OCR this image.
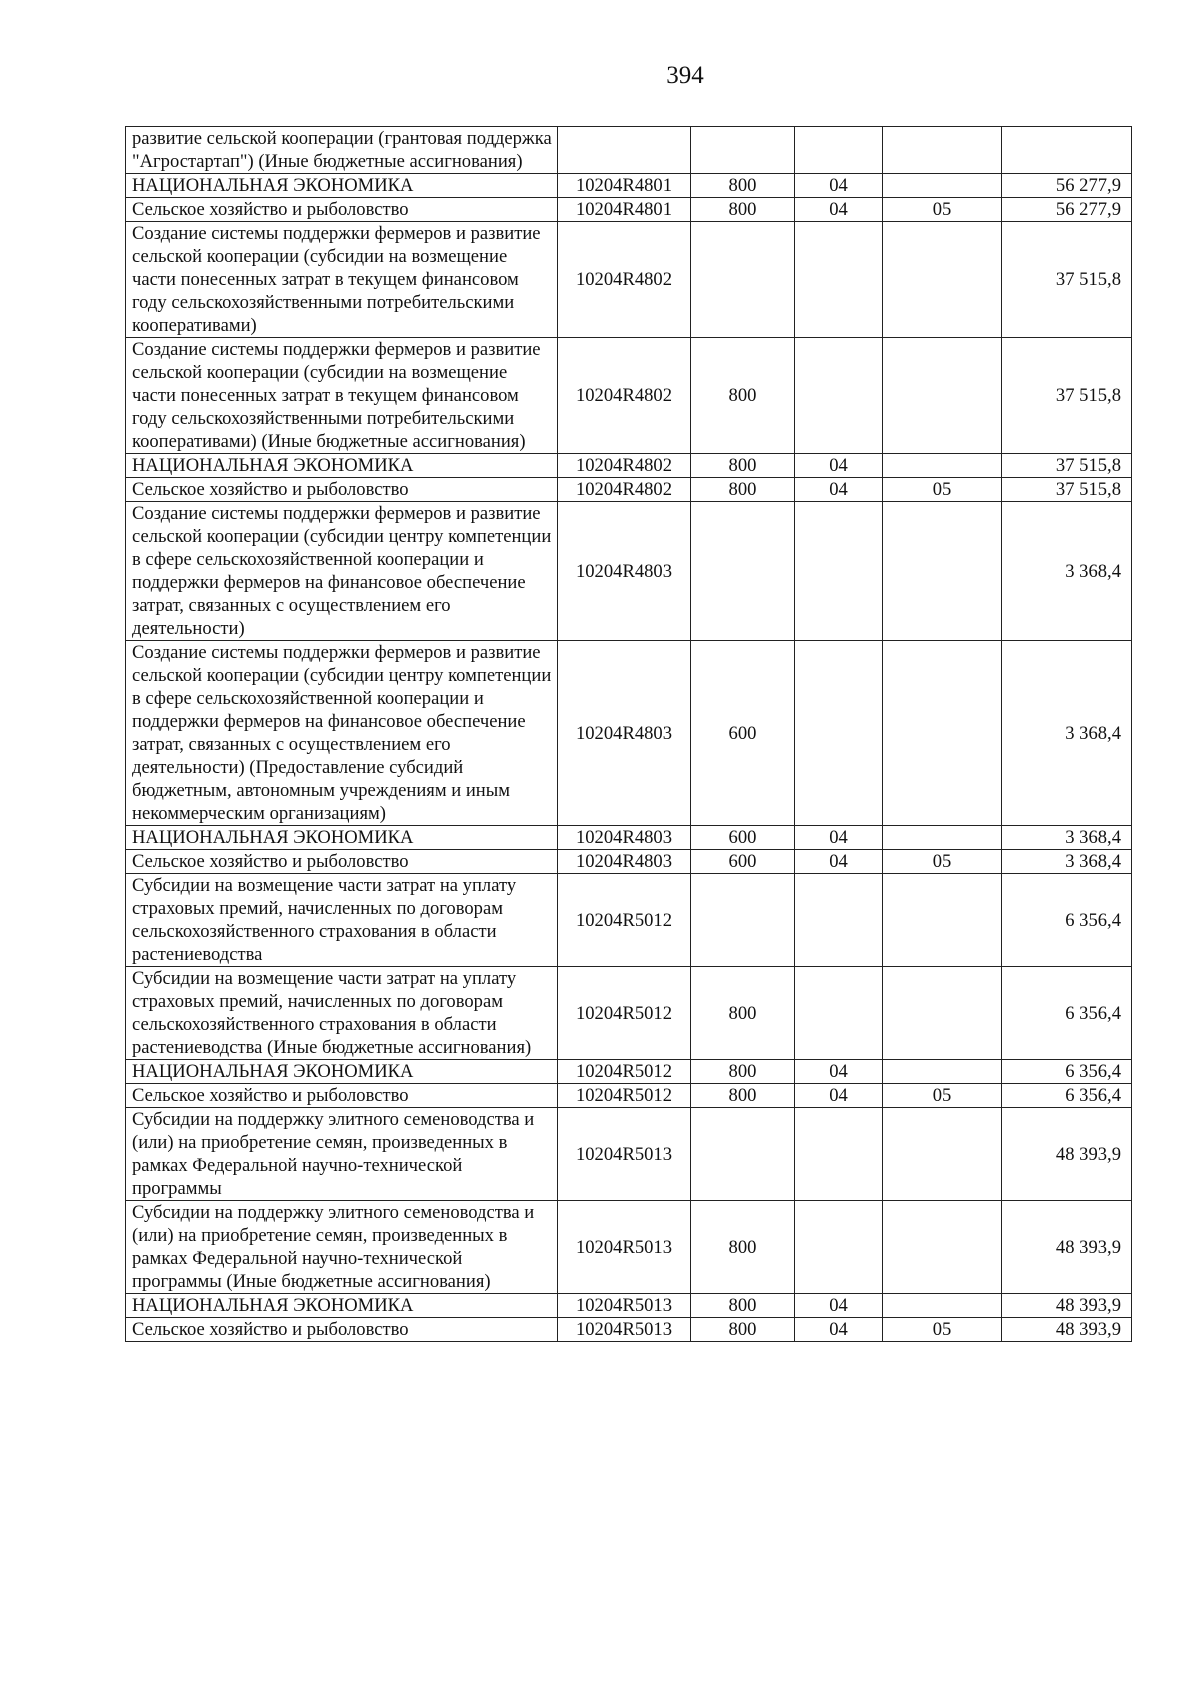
394
развитие сельской кооперации (грантовая поддержка "Агростартап") (Иные бюджетные ассигнования)					
НАЦИОНАЛЬНАЯ ЭКОНОМИКА	10204R4801	800	04		56 277,9
Сельское хозяйство и рыболовство	10204R4801	800	04	05	56 277,9
Создание системы поддержки фермеров и развитие сельской кооперации (субсидии на возмещение части понесенных затрат в текущем финансовом году сельскохозяйственными потребительскими кооперативами)	10204R4802				37 515,8
Создание системы поддержки фермеров и развитие сельской кооперации (субсидии на возмещение части понесенных затрат в текущем финансовом году сельскохозяйственными потребительскими кооперативами) (Иные бюджетные ассигнования)	10204R4802	800			37 515,8
НАЦИОНАЛЬНАЯ ЭКОНОМИКА	10204R4802	800	04		37 515,8
Сельское хозяйство и рыболовство	10204R4802	800	04	05	37 515,8
Создание системы поддержки фермеров и развитие сельской кооперации (субсидии центру компетенции в сфере сельскохозяйственной кооперации и поддержки фермеров на финансовое обеспечение затрат, связанных с осуществлением его деятельности)	10204R4803				3 368,4
Создание системы поддержки фермеров и развитие сельской кооперации (субсидии центру компетенции в сфере сельскохозяйственной кооперации и поддержки фермеров на финансовое обеспечение затрат, связанных с осуществлением его деятельности) (Предоставление субсидий бюджетным, автономным учреждениям и иным некоммерческим организациям)	10204R4803	600			3 368,4
НАЦИОНАЛЬНАЯ ЭКОНОМИКА	10204R4803	600	04		3 368,4
Сельское хозяйство и рыболовство	10204R4803	600	04	05	3 368,4
Субсидии на возмещение части затрат на уплату страховых премий, начисленных по договорам сельскохозяйственного страхования в области растениеводства	10204R5012				6 356,4
Субсидии на возмещение части затрат на уплату страховых премий, начисленных по договорам сельскохозяйственного страхования в области растениеводства (Иные бюджетные ассигнования)	10204R5012	800			6 356,4
НАЦИОНАЛЬНАЯ ЭКОНОМИКА	10204R5012	800	04		6 356,4
Сельское хозяйство и рыболовство	10204R5012	800	04	05	6 356,4
Субсидии на поддержку элитного семеноводства и (или) на приобретение семян, произведенных в рамках Федеральной научно-технической программы	10204R5013				48 393,9
Субсидии на поддержку элитного семеноводства и (или) на приобретение семян, произведенных в рамках Федеральной научно-технической программы (Иные бюджетные ассигнования)	10204R5013	800			48 393,9
НАЦИОНАЛЬНАЯ ЭКОНОМИКА	10204R5013	800	04		48 393,9
Сельское хозяйство и рыболовство	10204R5013	800	04	05	48 393,9
